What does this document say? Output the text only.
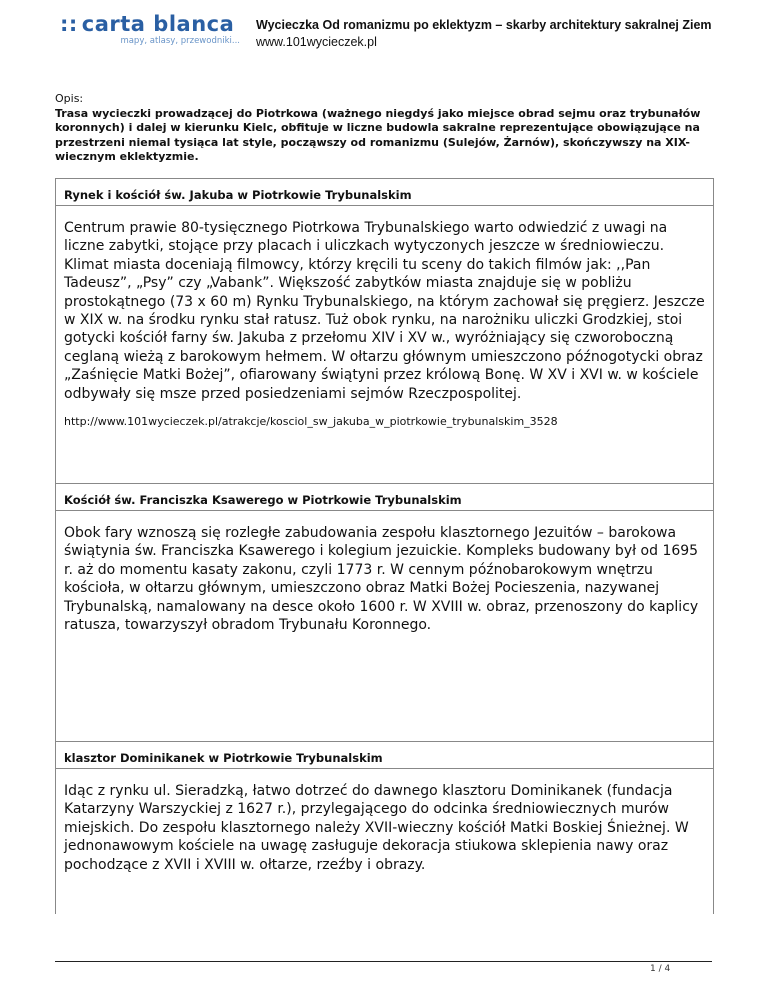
:: carta blanca
mapy, atlasy, przewodniki...
Wycieczka Od romanizmu po eklektyzm – skarby architektury sakralnej Ziem
www.101wycieczek.pl
Opis:
Trasa wycieczki prowadzącej do Piotrkowa (ważnego niegdyś jako miejsce obrad sejmu oraz trybunałów koronnych) i dalej w kierunku Kielc, obfituje w liczne budowla sakralne reprezentujące obowiązujące na przestrzeni niemal tysiąca lat style, począwszy od romanizmu (Sulejów, Żarnów), skończywszy na XIX-wiecznym eklektyzmie.
Rynek i kościół św. Jakuba w Piotrkowie Trybunalskim
Centrum prawie 80-tysięcznego Piotrkowa Trybunalskiego warto odwiedzić z uwagi na liczne zabytki, stojące przy placach i uliczkach wytyczonych jeszcze w średniowieczu. Klimat miasta doceniają filmowcy, którzy kręcili tu sceny do takich filmów jak: ,,Pan Tadeusz”, „Psy” czy „Vabank”. Większość zabytków miasta znajduje się w pobliżu prostokątnego (73 x 60 m) Rynku Trybunalskiego, na którym zachował się pręgierz. Jeszcze w XIX w. na środku rynku stał ratusz. Tuż obok rynku, na narożniku uliczki Grodzkiej, stoi gotycki kościół farny św. Jakuba z przełomu XIV i XV w., wyróżniający się czworoboczną ceglaną wieżą z barokowym hełmem. W ołtarzu głównym umieszczono późnogotycki obraz „Zaśnięcie Matki Bożej”, ofiarowany świątyni przez królową Bonę. W XV i XVI w. w kościele odbywały się msze przed posiedzeniami sejmów Rzeczpospolitej.
http://www.101wycieczek.pl/atrakcje/kosciol_sw_jakuba_w_piotrkowie_trybunalskim_3528
Kościół św. Franciszka Ksawerego w Piotrkowie Trybunalskim
Obok fary wznoszą się rozległe zabudowania zespołu klasztornego Jezuitów – barokowa świątynia św. Franciszka Ksawerego i kolegium jezuickie. Kompleks budowany był od 1695 r. aż do momentu kasaty zakonu, czyli 1773 r. W cennym późnobarokowym wnętrzu kościoła, w ołtarzu głównym, umieszczono obraz Matki Bożej Pocieszenia, nazywanej Trybunalską, namalowany na desce około 1600 r. W XVIII w. obraz, przenoszony do kaplicy ratusza, towarzyszył obradom Trybunału Koronnego.
klasztor Dominikanek w Piotrkowie Trybunalskim
Idąc z rynku ul. Sieradzką, łatwo dotrzeć do dawnego klasztoru Dominikanek (fundacja Katarzyny Warszyckiej z 1627 r.), przylegającego do odcinka średniowiecznych murów miejskich. Do zespołu klasztornego należy XVII-wieczny kościół Matki Boskiej Śnieżnej. W jednonawowym kościele na uwagę zasługuje dekoracja stiukowa sklepienia nawy oraz pochodzące z XVII i XVIII w. ołtarze, rzeźby i obrazy.
1 / 4
